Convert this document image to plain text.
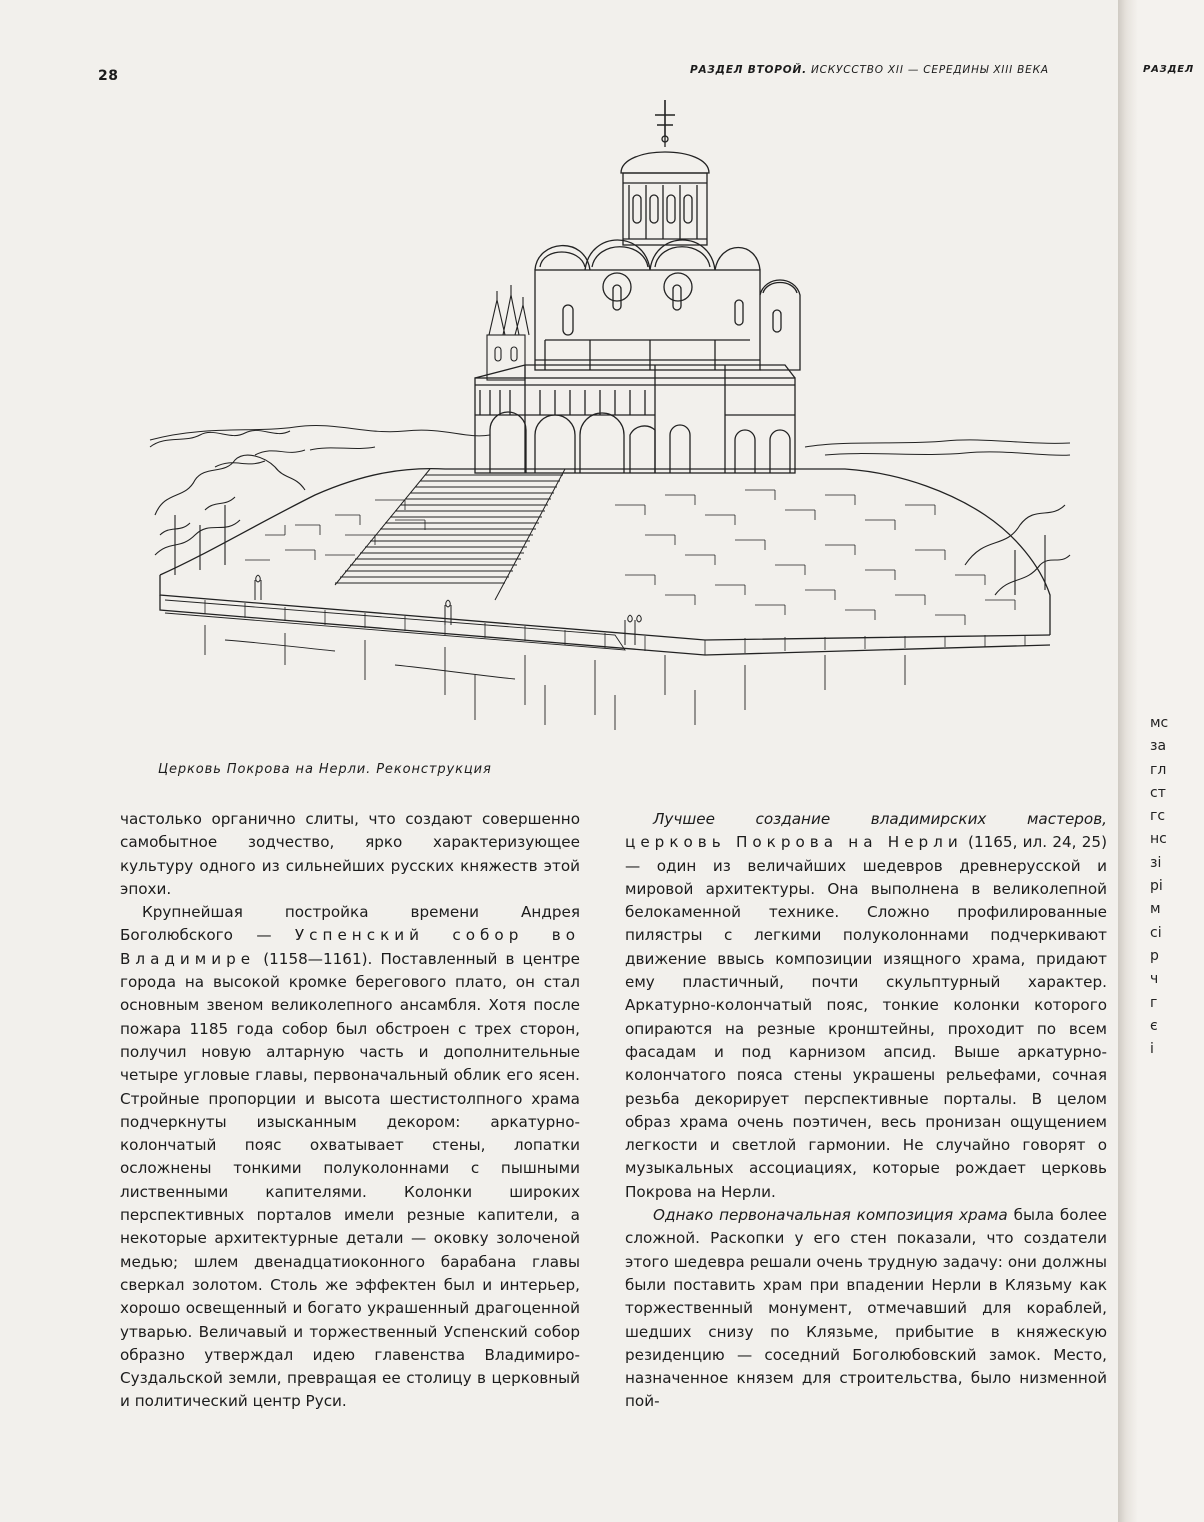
28	РАЗДЕЛ ВТОРОЙ. ИСКУССТВО XII — СЕРЕДИНЫ XIII ВЕКА	РАЗДЕЛ
Церковь Покрова на Нерли. Реконструкция

частолько органично слиты, что создают совершенно самобытное зодчество, ярко характеризующее культуру одного из сильнейших русских княжеств этой эпохи.

Крупнейшая постройка времени Андрея Боголюбского — Успенский собор во Владимире (1158—1161). Поставленный в центре города на высокой кромке берегового плато, он стал основным звеном великолепного ансамбля. Хотя после пожара 1185 года собор был обстроен с трех сторон, получил новую алтарную часть и дополнительные четыре угловые главы, первоначальный облик его ясен. Стройные пропорции и высота шестистолпного храма подчеркнуты изысканным декором: аркатурно-колончатый пояс охватывает стены, лопатки осложнены тонкими полуколоннами с пышными лиственными капителями. Колонки широких перспективных порталов имели резные капители, а некоторые архитектурные детали — оковку золоченой медью; шлем двенадцатиоконного барабана главы сверкал золотом. Столь же эффектен был и интерьер, хорошо освещенный и богато украшенный драгоценной утварью. Величавый и торжественный Успенский собор образно утверждал идею главенства Владимиро-Суздальской земли, превращая ее столицу в церковный и политический центр Руси.

Лучшее создание владимирских мастеров, церковь Покрова на Нерли (1165, ил. 24, 25) — один из величайших шедевров древнерусской и мировой архитектуры. Она выполнена в великолепной белокаменной технике. Сложно профилированные пилястры с легкими полуколоннами подчеркивают движение ввысь композиции изящного храма, придают ему пластичный, почти скульптурный характер. Аркатурно-колончатый пояс, тонкие колонки которого опираются на резные кронштейны, проходит по всем фасадам и под карнизом апсид. Выше аркатурно-колончатого пояса стены украшены рельефами, сочная резьба декорирует перспективные порталы. В целом образ храма очень поэтичен, весь пронизан ощущением легкости и светлой гармонии. Не случайно говорят о музыкальных ассоциациях, которые рождает церковь Покрова на Нерли.

Однако первоначальная композиция храма была более сложной. Раскопки у его стен показали, что создатели этого шедевра решали очень трудную задачу: они должны были поставить храм при впадении Нерли в Клязьму как торжественный монумент, отмечавший для кораблей, шедших снизу по Клязьме, прибытие в княжескую резиденцию — соседний Боголюбовский замок. Место, назначенное князем для строительства, было низменной пой-

мс
за
гл
ст
гс
нс
зі
рі
м
сі
р
ч
г
є
і
